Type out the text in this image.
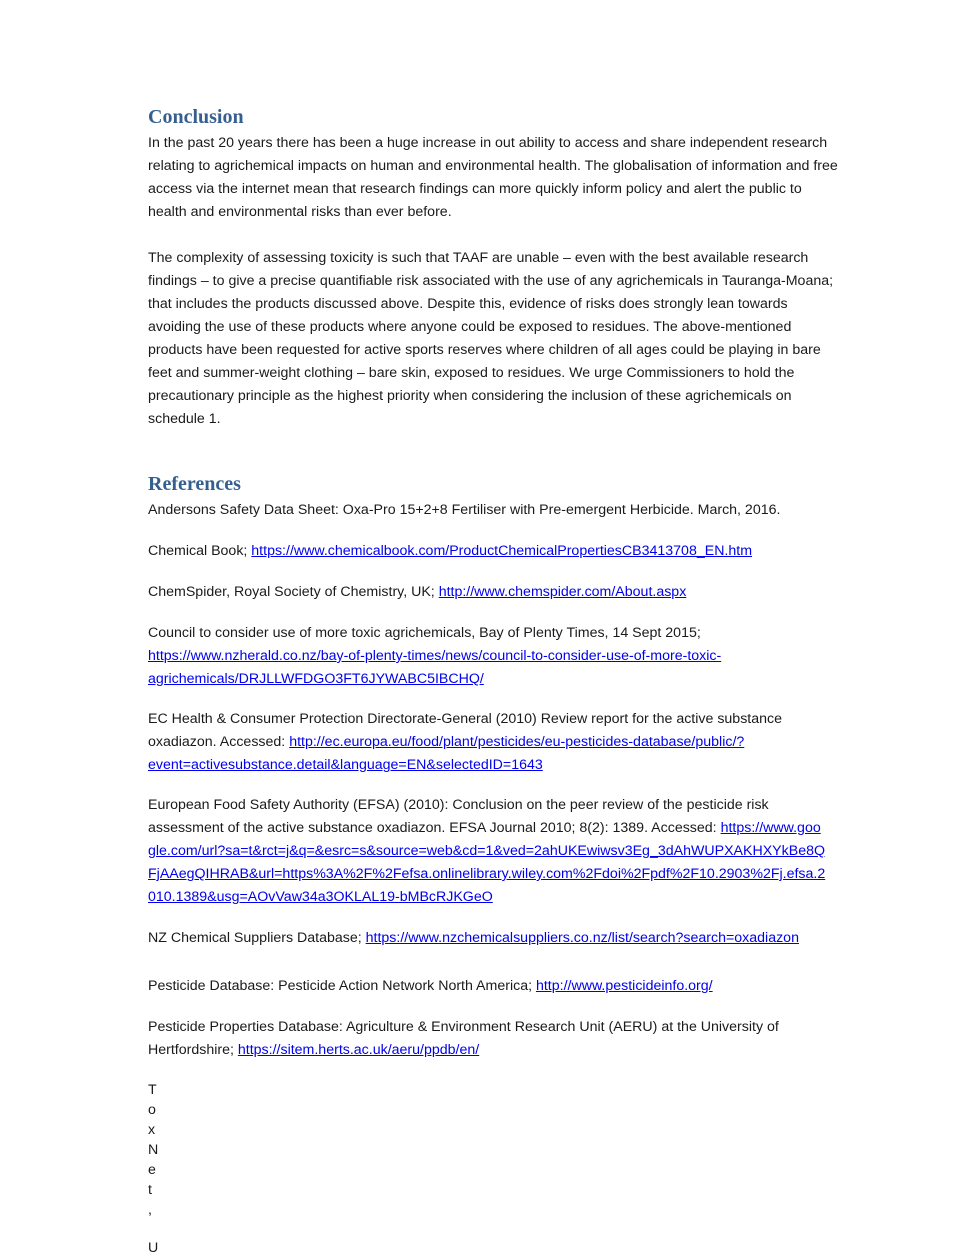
Conclusion

In the past 20 years there has been a huge increase in out ability to access and share independent research relating to agrichemical impacts on human and environmental health. The globalisation of information and free access via the internet mean that research findings can more quickly inform policy and alert the public to health and environmental risks than ever before.

The complexity of assessing toxicity is such that TAAF are unable – even with the best available research findings – to give a precise quantifiable risk associated with the use of any agrichemicals in Tauranga-Moana; that includes the products discussed above. Despite this, evidence of risks does strongly lean towards avoiding the use of these products where anyone could be exposed to residues. The above-mentioned products have been requested for active sports reserves where children of all ages could be playing in bare feet and summer-weight clothing – bare skin, exposed to residues. We urge Commissioners to hold the precautionary principle as the highest priority when considering the inclusion of these agrichemicals on schedule 1.

References

Andersons Safety Data Sheet: Oxa-Pro 15+2+8 Fertiliser with Pre-emergent Herbicide. March, 2016.

Chemical Book; https://www.chemicalbook.com/ProductChemicalPropertiesCB3413708_EN.htm

ChemSpider, Royal Society of Chemistry, UK; http://www.chemspider.com/About.aspx

Council to consider use of more toxic agrichemicals, Bay of Plenty Times, 14 Sept 2015; https://www.nzherald.co.nz/bay-of-plenty-times/news/council-to-consider-use-of-more-toxic-agrichemicals/DRJLLWFDGO3FT6JYWABC5IBCHQ/

EC Health & Consumer Protection Directorate-General (2010) Review report for the active substance oxadiazon. Accessed: http://ec.europa.eu/food/plant/pesticides/eu-pesticides-database/public/?event=activesubstance.detail&language=EN&selectedID=1643

European Food Safety Authority (EFSA) (2010): Conclusion on the peer review of the pesticide risk assessment of the active substance oxadiazon. EFSA Journal 2010; 8(2): 1389. Accessed: https://www.google.com/url?sa=t&rct=j&q=&esrc=s&source=web&cd=1&ved=2ahUKEwiwsv3Eg_3dAhWUPXAKHXYkBe8QFjAAegQIHRAB&url=https%3A%2F%2Fefsa.onlinelibrary.wiley.com%2Fdoi%2Fpdf%2F10.2903%2Fj.efsa.2010.1389&usg=AOvVaw34a3OKLAL19-bMBcRJKGeO

NZ Chemical Suppliers Database; https://www.nzchemicalsuppliers.co.nz/list/search?search=oxadiazon

Pesticide Database: Pesticide Action Network North America; http://www.pesticideinfo.org/

Pesticide Properties Database: Agriculture & Environment Research Unit (AERU) at the University of Hertfordshire; https://sitem.herts.ac.uk/aeru/ppdb/en/

T
o
x
N
e
t
,
U
